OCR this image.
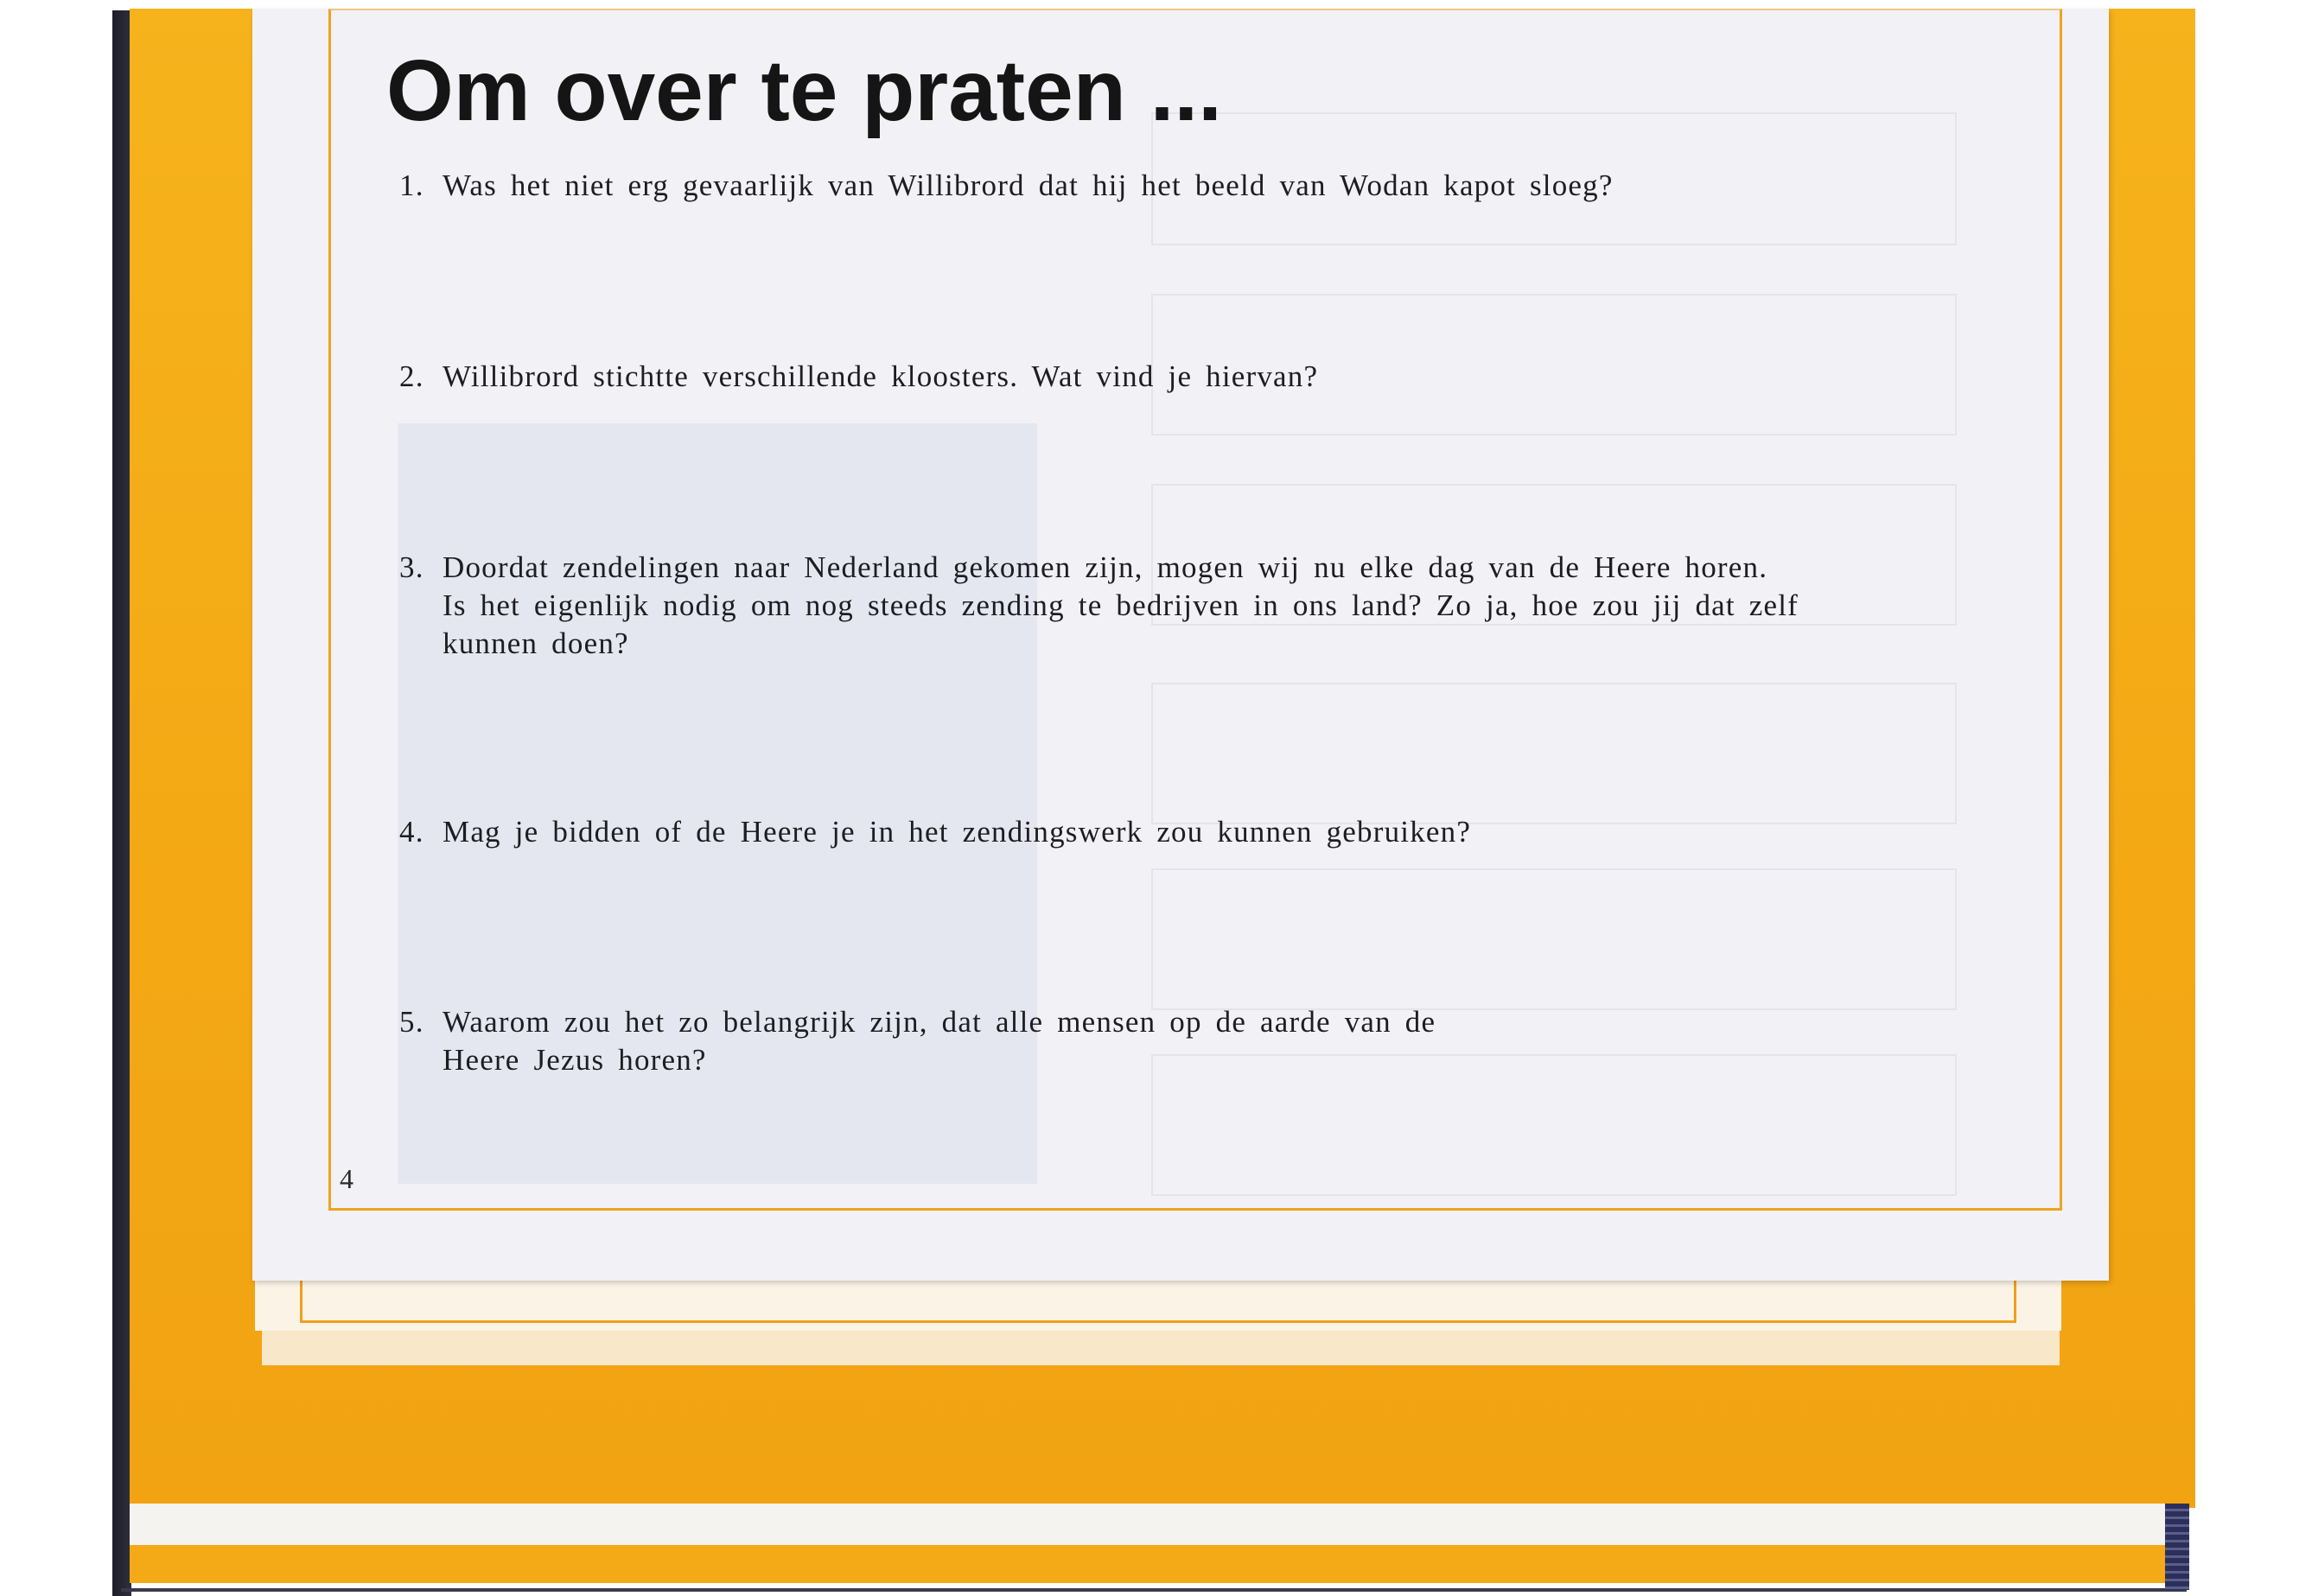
Om over te praten ...
1. Was het niet erg gevaarlijk van Willibrord dat hij het beeld van Wodan kapot sloeg?
2. Willibrord stichtte verschillende kloosters. Wat vind je hiervan?
3. Doordat zendelingen naar Nederland gekomen zijn, mogen wij nu elke dag van de Heere horen.
Is het eigenlijk nodig om nog steeds zending te bedrijven in ons land? Zo ja, hoe zou jij dat zelf
kunnen doen?
4. Mag je bidden of de Heere je in het zendingswerk zou kunnen gebruiken?
5. Waarom zou het zo belangrijk zijn, dat alle mensen op de aarde van de
Heere Jezus horen?
4
